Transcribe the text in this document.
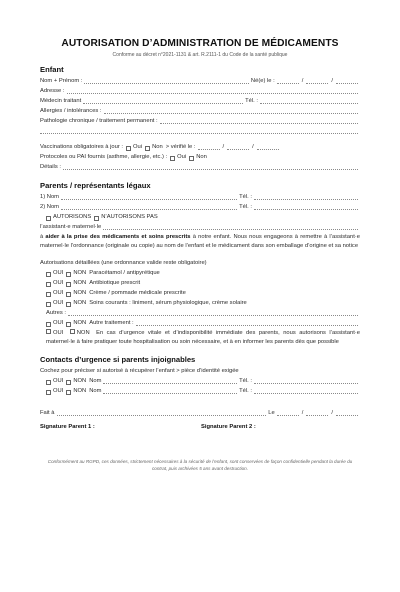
AUTORISATION D’ADMINISTRATION DE MÉDICAMENTS
Conforme au décret n°2021-1131 & art. R.2111-1 du Code de la santé publique
Enfant
Nom + Prénom :	Né(e) le :	/	/
Adresse :
Médecin traitant	Tél. :
Allergies / intolérances :
Pathologie chronique / traitement permanent :
Vaccinations obligatoires à jour : Oui Non > vérifié le :	/	/
Protocoles ou PAI fournis (asthme, allergie, etc.) : Oui Non
Détails :
Parents / représentants légaux
1) Nom	Tél. :
2) Nom	Tél. :
AUTORISONS N’AUTORISONS PAS
l’assistant·e maternel·le

à aider à la prise des médicaments et soins prescrits à notre enfant. Nous nous engageons à remettre à l’assistant·e maternel·le l’ordonnance (originale ou copie) au nom de l’enfant et le médicament dans son emballage d’origine et sa notice

Autorisations détaillées (une ordonnance valide reste obligatoire)
OUI NON Paracétamol / antipyrétique
OUI NON Antibiotique prescrit
OUI NON Crème / pommade médicale prescrite
OUI NON Soins courants : liniment, sérum physiologique, crème solaire
Autres :
OUI NON Autre traitement :

OUI NON En cas d’urgence vitale et d’indisponibilité immédiate des parents, nous autorisons l’assistant·e maternel·le à faire pratiquer toute hospitalisation ou soin nécessaire, et à en informer les parents dès que possible

Contacts d’urgence si parents injoignables
Cochez pour préciser si autorisé à récupérer l’enfant > pièce d’identité exigée
OUI NON Nom	Tél. :
OUI NON Nom	Tél. :
Fait à	Le	/	/
Signature Parent 1 :	Signature Parent 2 :
Conformément au RGPD, ces données, strictement nécessaires à la sécurité de l’enfant, sont conservées de façon confidentielle pendant la durée du contrat, puis archivées 5 ans avant destruction.
